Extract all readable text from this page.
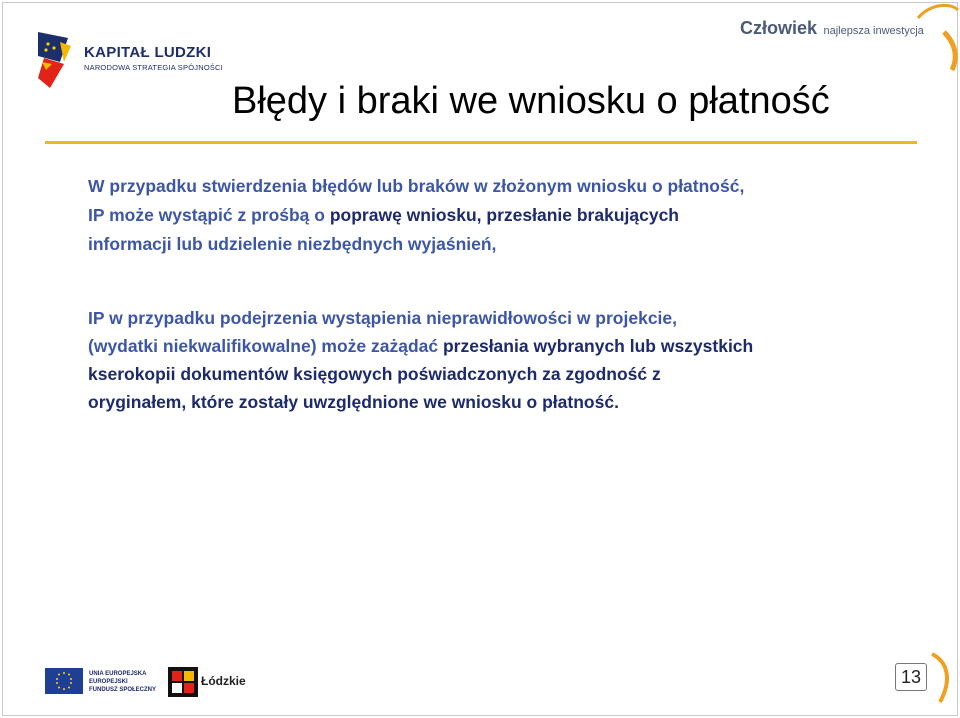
KAPITAŁ LUDZKI
NARODOWA STRATEGIA SPÓJNOŚCI
Człowiek najlepsza inwestycja
Błędy i braki we wniosku o płatność
W przypadku stwierdzenia błędów lub braków w złożonym wniosku o płatność,
IP może wystąpić z prośbą o poprawę wniosku, przesłanie brakujących
informacji lub udzielenie niezbędnych wyjaśnień,
IP w przypadku podejrzenia wystąpienia nieprawidłowości w projekcie,
(wydatki niekwalifikowalne) może zażądać przesłania wybranych lub wszystkich
kserokopii dokumentów księgowych poświadczonych za zgodność z
oryginałem, które zostały uwzględnione we wniosku o płatność.
UNIA EUROPEJSKA
EUROPEJSKI
FUNDUSZ SPOŁECZNY
Łódzkie	13
